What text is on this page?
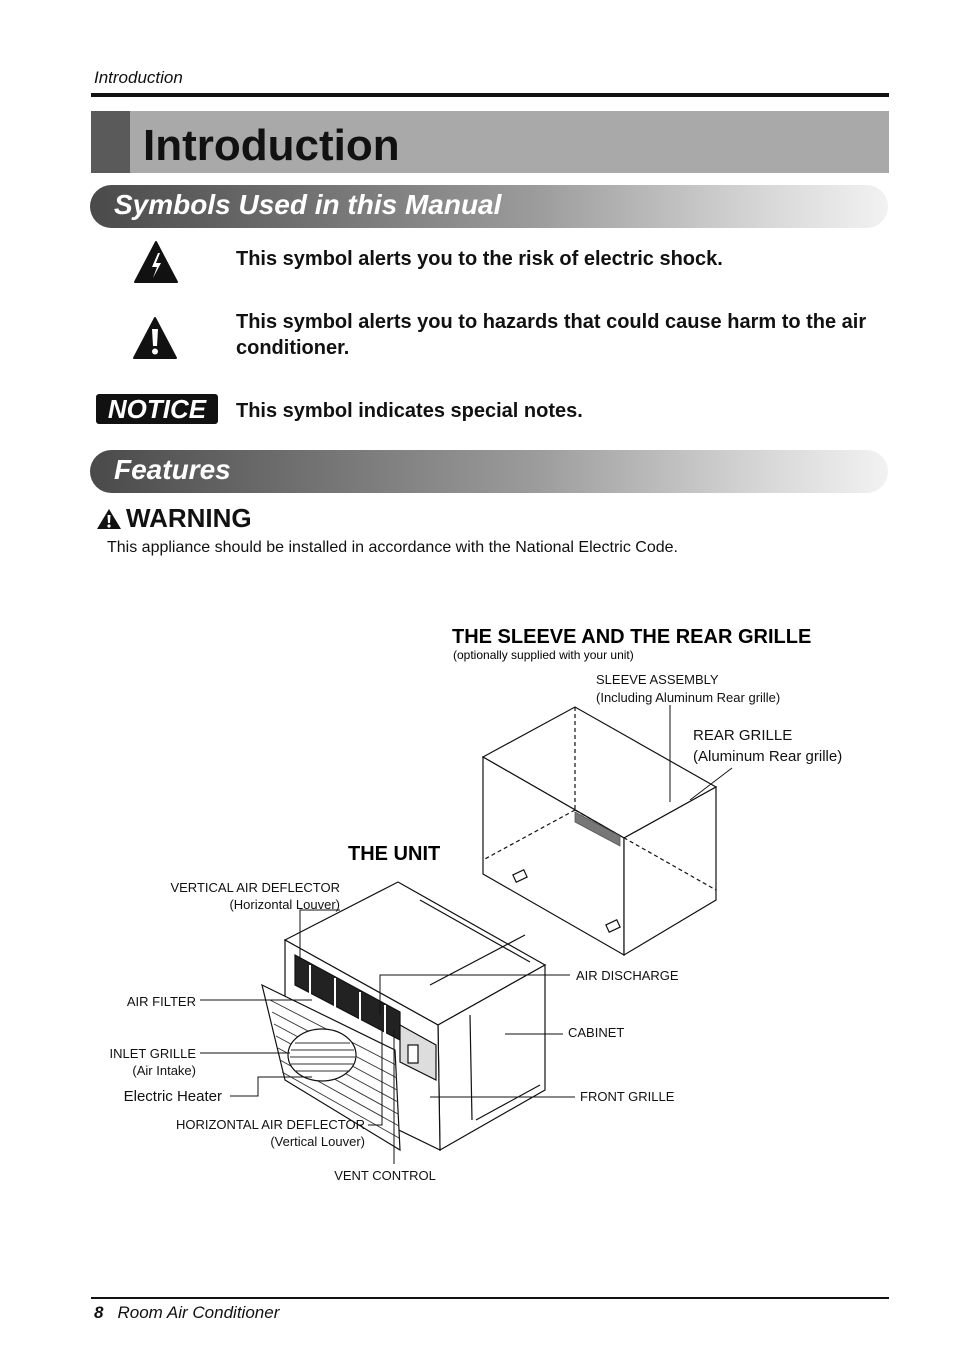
Introduction
Introduction
Symbols Used in this Manual
This symbol alerts you to the risk of electric shock.
This symbol alerts you to hazards that could cause harm to the air conditioner.
NOTICE	This symbol indicates special notes.
Features
WARNING
This appliance should be installed in accordance with the National Electric Code.
THE SLEEVE AND THE REAR GRILLE
(optionally supplied with your unit)
THE UNIT
SLEEVE ASSEMBLY
(Including Aluminum Rear grille)
REAR GRILLE
(Aluminum Rear grille)
VERTICAL AIR DEFLECTOR
(Horizontal Louver)
AIR FILTER
INLET GRILLE
(Air Intake)
Electric Heater
HORIZONTAL AIR DEFLECTOR
(Vertical Louver)
VENT CONTROL
AIR DISCHARGE
CABINET
FRONT GRILLE
8 Room Air Conditioner
